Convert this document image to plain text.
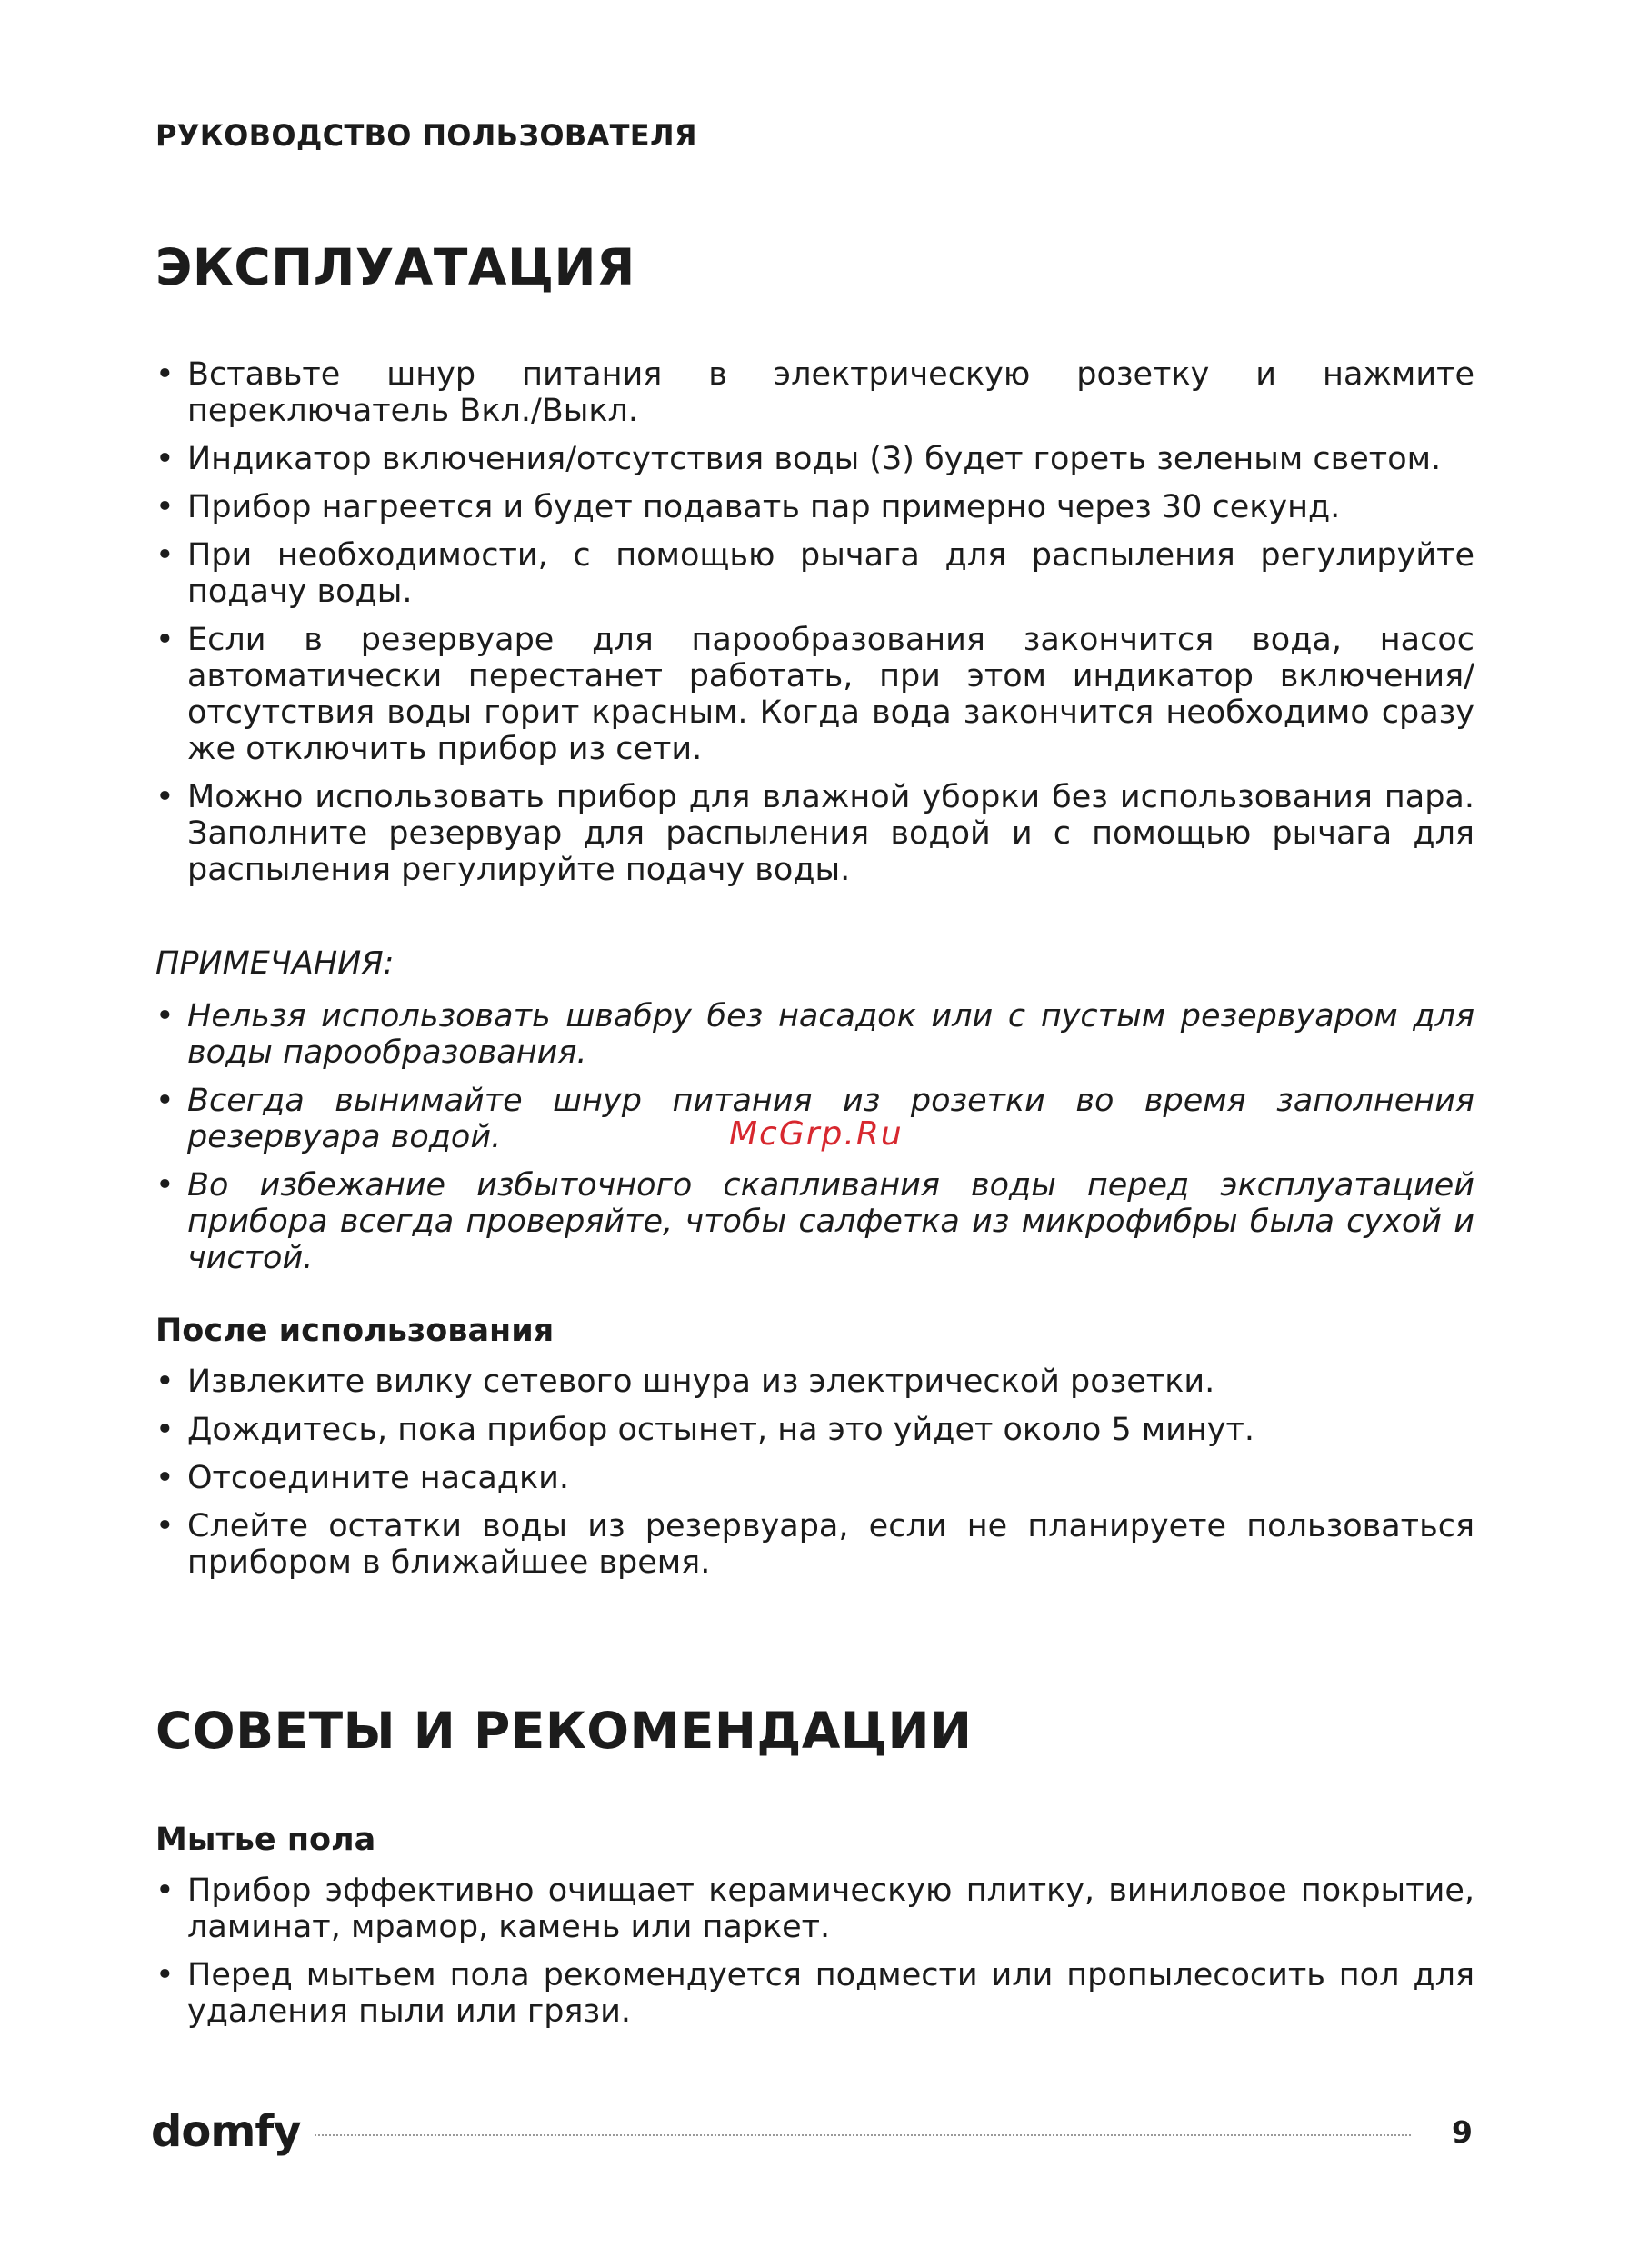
РУКОВОДСТВО ПОЛЬЗОВАТЕЛЯ
ЭКСПЛУАТАЦИЯ
• Вставьте шнур питания в электрическую розетку и нажмите переключатель Вкл./Выкл.
• Индикатор включения/отсутствия воды (3) будет гореть зеленым светом.
• Прибор нагреется и будет подавать пар примерно через 30 секунд.
• При необходимости, с помощью рычага для распыления регулируйте подачу воды.
• Если в резервуаре для парообразования закончится вода, насос автоматически перестанет работать, при этом индикатор включения/отсутствия воды горит красным. Когда вода закончится необходимо сразу же отключить прибор из сети.
• Можно использовать прибор для влажной уборки без использования пара. Заполните резервуар для распыления водой и с помощью рычага для распыления регулируйте подачу воды.
ПРИМЕЧАНИЯ:
• Нельзя использовать швабру без насадок или с пустым резервуаром для воды парообразования.
• Всегда вынимайте шнур питания из розетки во время заполнения резервуара водой.
• Во избежание избыточного скапливания воды перед эксплуатацией прибора всегда проверяйте, чтобы салфетка из микрофибры была сухой и чистой.
После использования
• Извлеките вилку сетевого шнура из электрической розетки.
• Дождитесь, пока прибор остынет, на это уйдет около 5 минут.
• Отсоедините насадки.
• Слейте остатки воды из резервуара, если не планируете пользоваться прибором в ближайшее время.
СОВЕТЫ И РЕКОМЕНДАЦИИ
Мытье пола
• Прибор эффективно очищает керамическую плитку, виниловое покрытие, ламинат, мрамор, камень или паркет.
• Перед мытьем пола рекомендуется подмести или пропылесосить пол для удаления пыли или грязи.
domfy	9
McGrp.Ru
